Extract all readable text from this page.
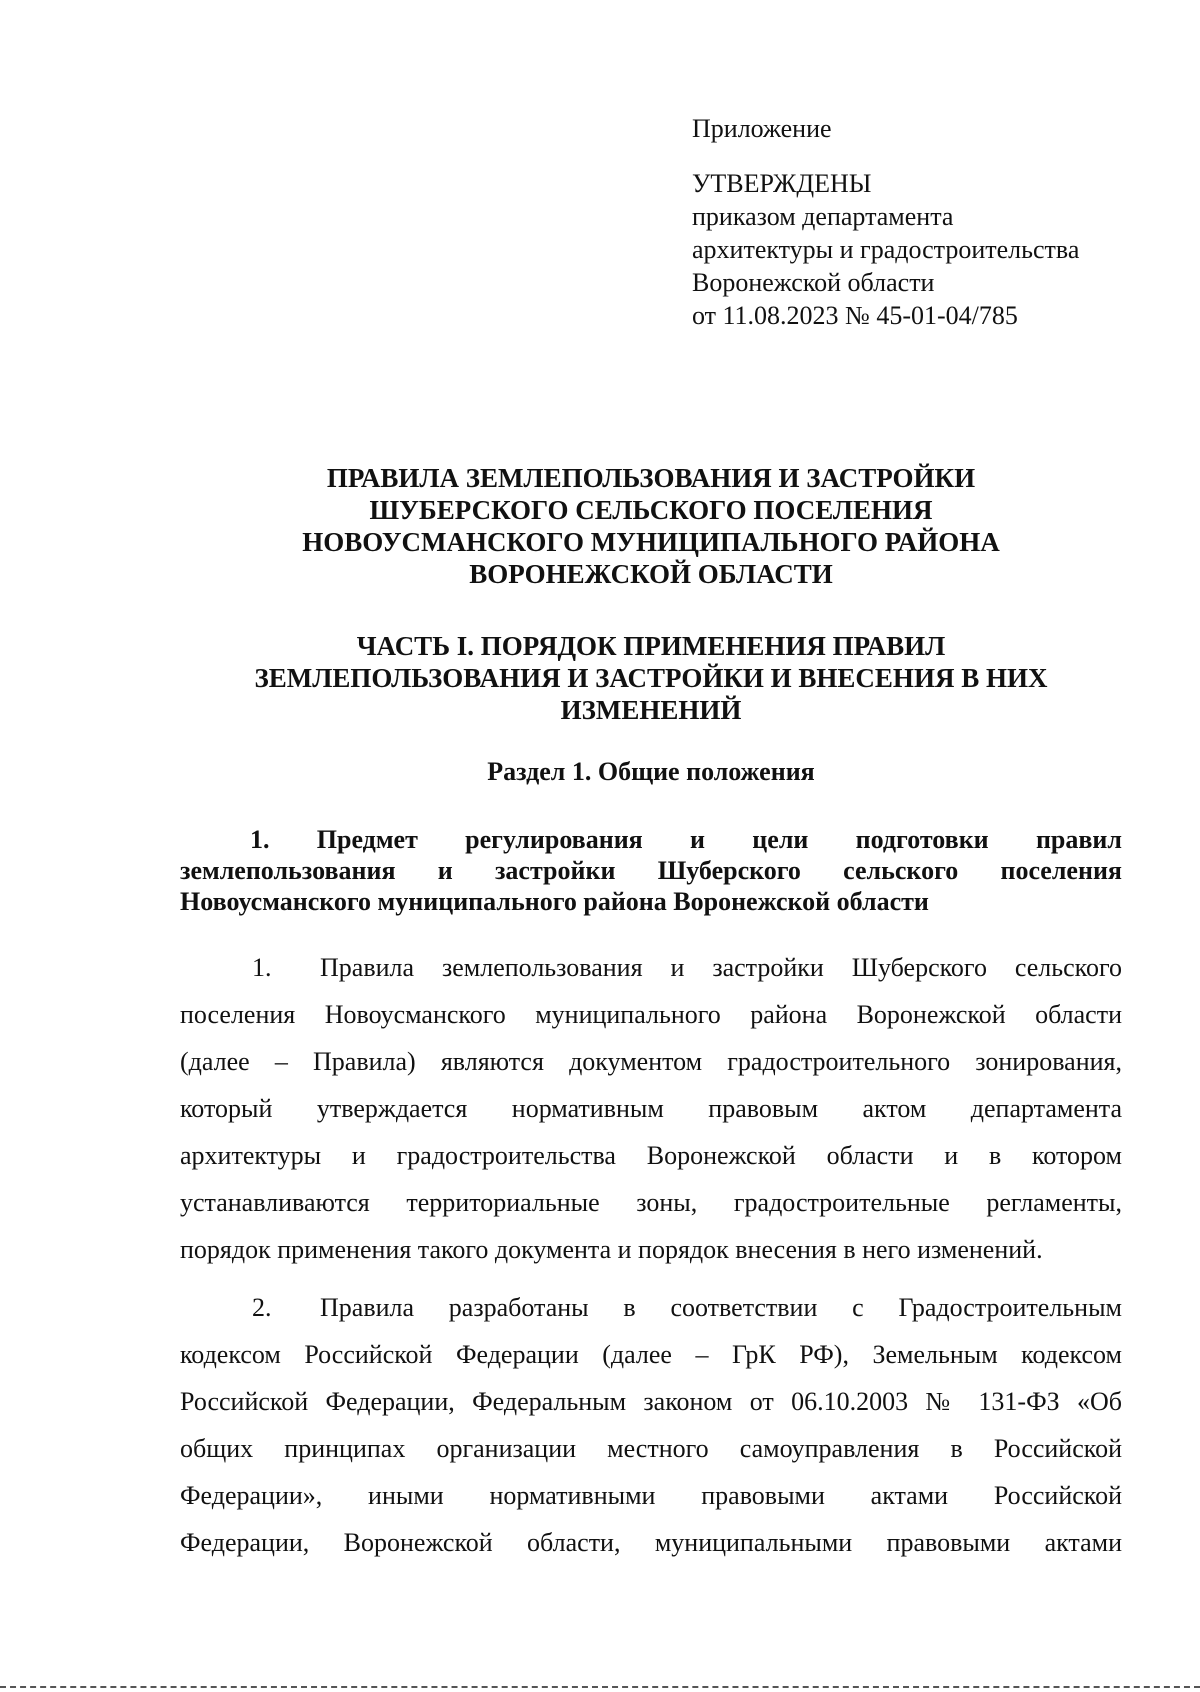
Приложение
УТВЕРЖДЕНЫ
приказом департамента
архитектуры и градостроительства
Воронежской области
от 11.08.2023 № 45-01-04/785
ПРАВИЛА ЗЕМЛЕПОЛЬЗОВАНИЯ И ЗАСТРОЙКИ
ШУБЕРСКОГО СЕЛЬСКОГО ПОСЕЛЕНИЯ
НОВОУСМАНСКОГО МУНИЦИПАЛЬНОГО РАЙОНА
ВОРОНЕЖСКОЙ ОБЛАСТИ
ЧАСТЬ I. ПОРЯДОК ПРИМЕНЕНИЯ ПРАВИЛ
ЗЕМЛЕПОЛЬЗОВАНИЯ И ЗАСТРОЙКИ И ВНЕСЕНИЯ В НИХ
ИЗМЕНЕНИЙ
Раздел 1. Общие положения
1. Предмет регулирования и цели подготовки правил
землепользования и застройки Шуберского сельского поселения
Новоусманского муниципального района Воронежской области
1. Правила землепользования и застройки Шуберского сельского
поселения Новоусманского муниципального района Воронежской области
(далее – Правила) являются документом градостроительного зонирования,
который утверждается нормативным правовым актом департамента
архитектуры и градостроительства Воронежской области и в котором
устанавливаются территориальные зоны, градостроительные регламенты,
порядок применения такого документа и порядок внесения в него изменений.
2. Правила разработаны в соответствии с Градостроительным
кодексом Российской Федерации (далее – ГрК РФ), Земельным кодексом
Российской Федерации, Федеральным законом от 06.10.2003 № 131-ФЗ «Об
общих принципах организации местного самоуправления в Российской
Федерации», иными нормативными правовыми актами Российской
Федерации, Воронежской области, муниципальными правовыми актами
